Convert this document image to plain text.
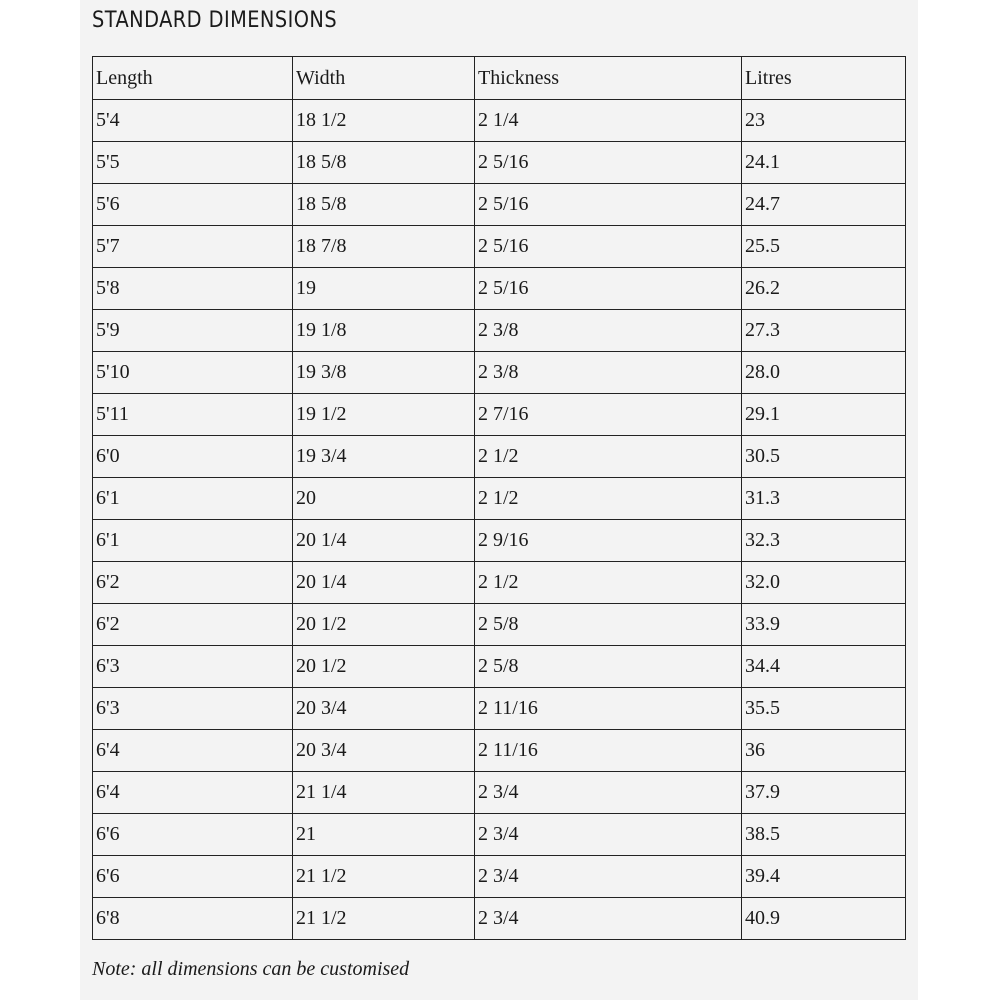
STANDARD DIMENSIONS
Length	Width	Thickness	Litres
5'4	18 1/2	2 1/4	23
5'5	18 5/8	2 5/16	24.1
5'6	18 5/8	2 5/16	24.7
5'7	18 7/8	2 5/16	25.5
5'8	19	2 5/16	26.2
5'9	19 1/8	2 3/8	27.3
5'10	19 3/8	2 3/8	28.0
5'11	19 1/2	2 7/16	29.1
6'0	19 3/4	2 1/2	30.5
6'1	20	2 1/2	31.3
6'1	20 1/4	2 9/16	32.3
6'2	20 1/4	2 1/2	32.0
6'2	20 1/2	2 5/8	33.9
6'3	20 1/2	2 5/8	34.4
6'3	20 3/4	2 11/16	35.5
6'4	20 3/4	2 11/16	36
6'4	21 1/4	2 3/4	37.9
6'6	21	2 3/4	38.5
6'6	21 1/2	2 3/4	39.4
6'8	21 1/2	2 3/4	40.9
Note: all dimensions can be customised
